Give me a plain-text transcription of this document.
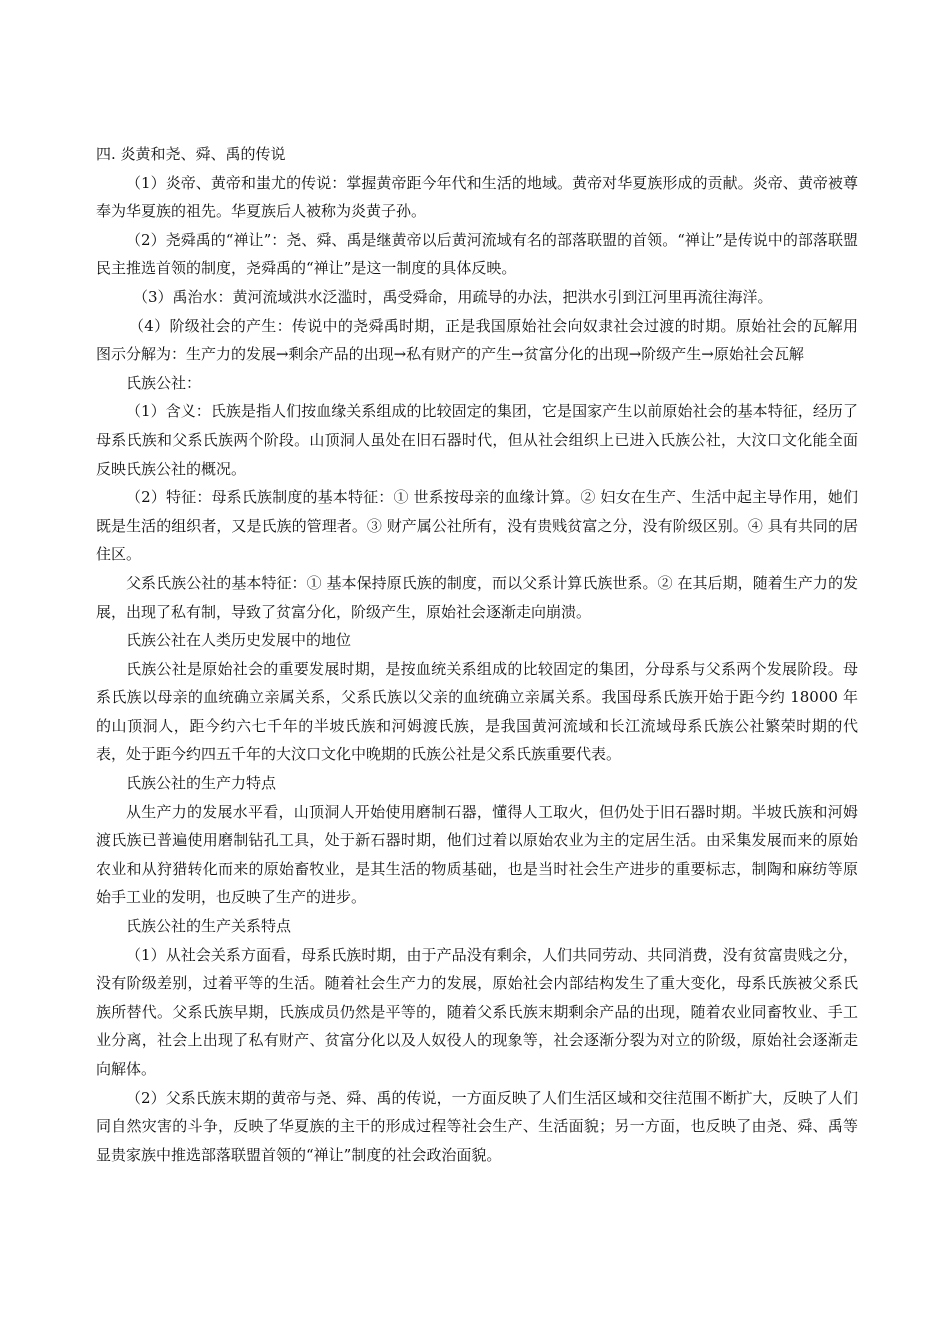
四. 炎黄和尧、舜、禹的传说

（1）炎帝、黄帝和蚩尤的传说：掌握黄帝距今年代和生活的地域。黄帝对华夏族形成的贡献。炎帝、黄帝被尊奉为华夏族的祖先。华夏族后人被称为炎黄子孙。

（2）尧舜禹的“禅让”：尧、舜、禹是继黄帝以后黄河流域有名的部落联盟的首领。“禅让”是传说中的部落联盟民主推选首领的制度，尧舜禹的“禅让”是这一制度的具体反映。

（3）禹治水：黄河流域洪水泛滥时，禹受舜命，用疏导的办法，把洪水引到江河里再流往海洋。

（4）阶级社会的产生：传说中的尧舜禹时期，正是我国原始社会向奴隶社会过渡的时期。原始社会的瓦解用图示分解为：生产力的发展→剩余产品的出现→私有财产的产生→贫富分化的出现→阶级产生→原始社会瓦解

氏族公社：

（1）含义：氏族是指人们按血缘关系组成的比较固定的集团，它是国家产生以前原始社会的基本特征，经历了母系氏族和父系氏族两个阶段。山顶洞人虽处在旧石器时代，但从社会组织上已进入氏族公社，大汶口文化能全面反映氏族公社的概况。

（2）特征：母系氏族制度的基本特征：① 世系按母亲的血缘计算。② 妇女在生产、生活中起主导作用，她们既是生活的组织者，又是氏族的管理者。③ 财产属公社所有，没有贵贱贫富之分，没有阶级区别。④ 具有共同的居住区。

父系氏族公社的基本特征：① 基本保持原氏族的制度，而以父系计算氏族世系。② 在其后期，随着生产力的发展，出现了私有制，导致了贫富分化，阶级产生，原始社会逐渐走向崩溃。

氏族公社在人类历史发展中的地位

氏族公社是原始社会的重要发展时期，是按血统关系组成的比较固定的集团，分母系与父系两个发展阶段。母系氏族以母亲的血统确立亲属关系，父系氏族以父亲的血统确立亲属关系。我国母系氏族开始于距今约 18000 年的山顶洞人，距今约六七千年的半坡氏族和河姆渡氏族，是我国黄河流域和长江流域母系氏族公社繁荣时期的代表，处于距今约四五千年的大汶口文化中晚期的氏族公社是父系氏族重要代表。

氏族公社的生产力特点

从生产力的发展水平看，山顶洞人开始使用磨制石器，懂得人工取火，但仍处于旧石器时期。半坡氏族和河姆渡氏族已普遍使用磨制钻孔工具，处于新石器时期，他们过着以原始农业为主的定居生活。由采集发展而来的原始农业和从狩猎转化而来的原始畜牧业，是其生活的物质基础，也是当时社会生产进步的重要标志，制陶和麻纺等原始手工业的发明，也反映了生产的进步。

氏族公社的生产关系特点

（1）从社会关系方面看，母系氏族时期，由于产品没有剩余，人们共同劳动、共同消费，没有贫富贵贱之分，没有阶级差别，过着平等的生活。随着社会生产力的发展，原始社会内部结构发生了重大变化，母系氏族被父系氏族所替代。父系氏族早期，氏族成员仍然是平等的，随着父系氏族末期剩余产品的出现，随着农业同畜牧业、手工业分离，社会上出现了私有财产、贫富分化以及人奴役人的现象等，社会逐渐分裂为对立的阶级，原始社会逐渐走向解体。

（2）父系氏族末期的黄帝与尧、舜、禹的传说，一方面反映了人们生活区域和交往范围不断扩大，反映了人们同自然灾害的斗争，反映了华夏族的主干的形成过程等社会生产、生活面貌；另一方面，也反映了由尧、舜、禹等显贵家族中推选部落联盟首领的“禅让”制度的社会政治面貌。
